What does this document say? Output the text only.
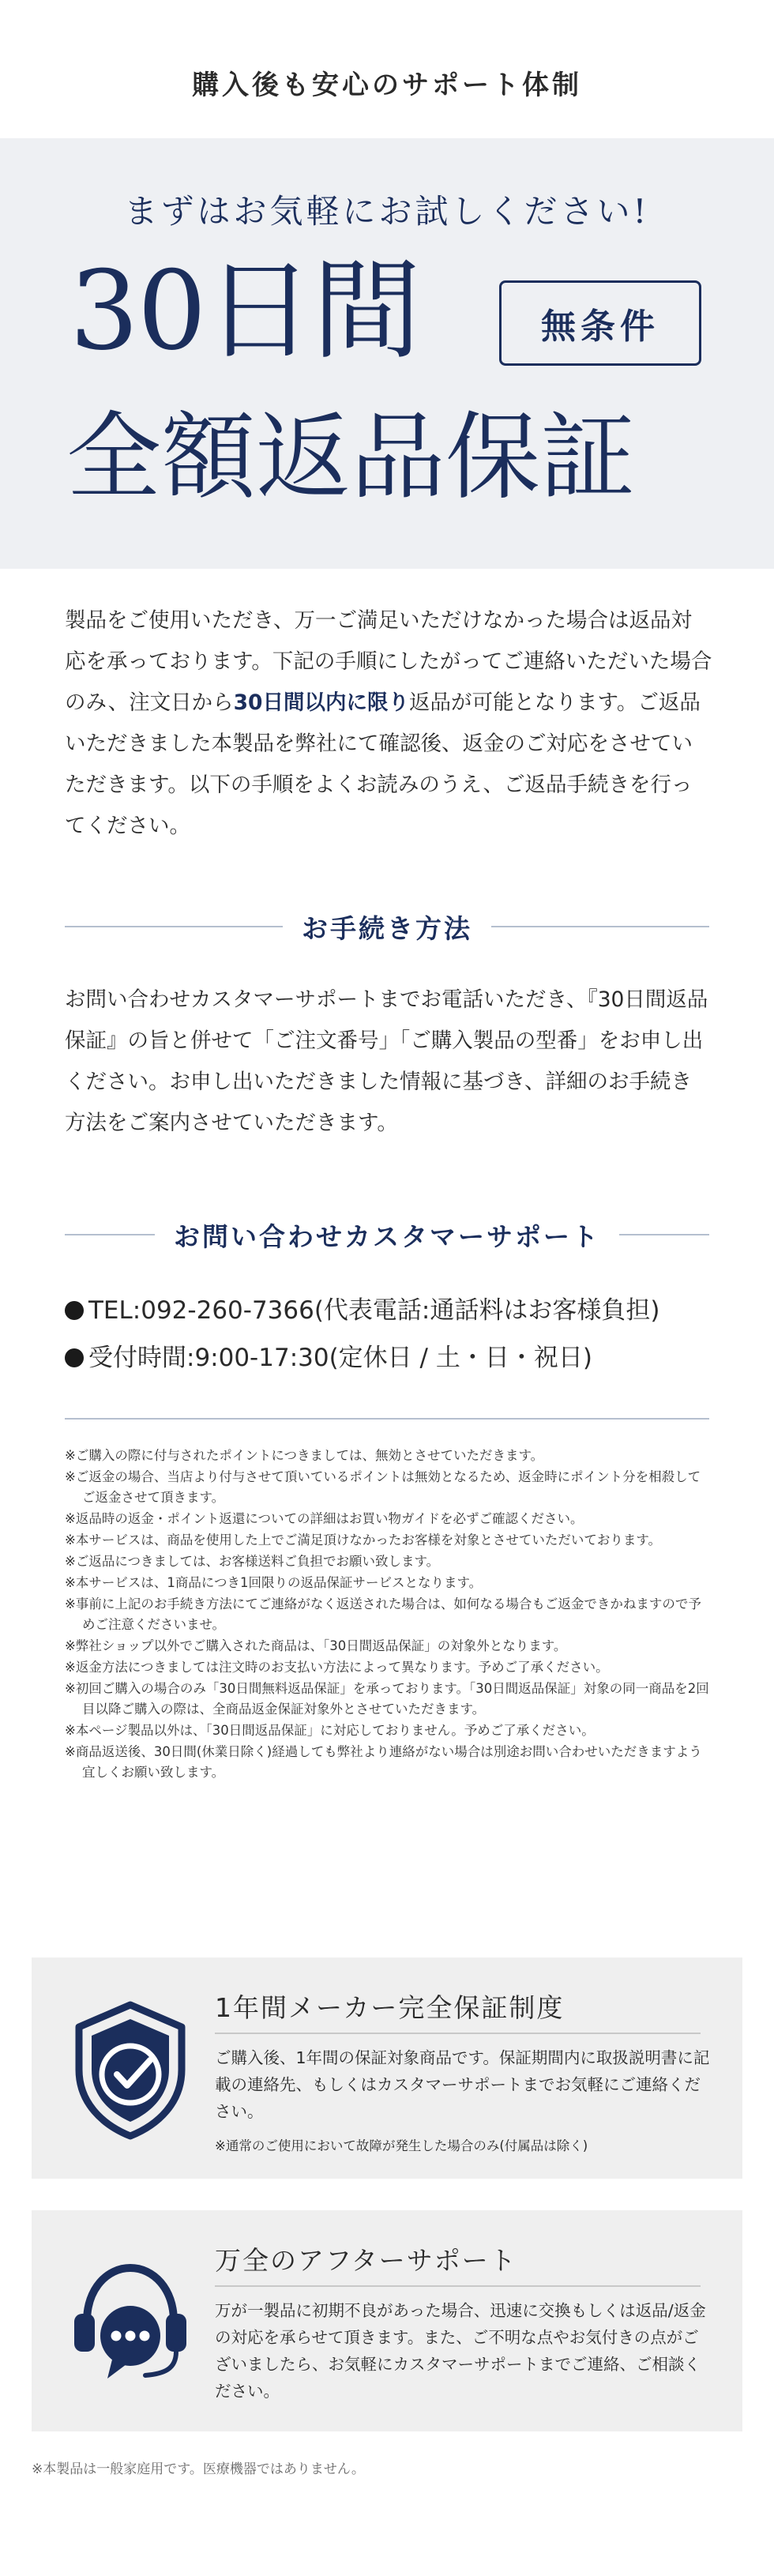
購入後も安心のサポート体制
まずはお気軽にお試しください!
30日間	無条件
全額返品保証
製品をご使用いただき、万一ご満足いただけなかった場合は返品対応を承っております。下記の手順にしたがってご連絡いただいた場合のみ、注文日から30日間以内に限り返品が可能となります。ご返品いただきました本製品を弊社にて確認後、返金のご対応をさせていただきます。以下の手順をよくお読みのうえ、ご返品手続きを行ってください。
お手続き方法
お問い合わせカスタマーサポートまでお電話いただき、『30日間返品保証』の旨と併せて「ご注文番号」「ご購入製品の型番」をお申し出ください。お申し出いただきました情報に基づき、詳細のお手続き方法をご案内させていただきます。
お問い合わせカスタマーサポート
TEL:092-260-7366(代表電話:通話料はお客様負担)
受付時間:9:00-17:30(定休日 / 土・日・祝日)
※ご購入の際に付与されたポイントにつきましては、無効とさせていただきます。
※ご返金の場合、当店より付与させて頂いているポイントは無効となるため、返金時にポイント分を相殺してご返金させて頂きます。
※返品時の返金・ポイント返還についての詳細はお買い物ガイドを必ずご確認ください。
※本サービスは、商品を使用した上でご満足頂けなかったお客様を対象とさせていただいております。
※ご返品につきましては、お客様送料ご負担でお願い致します。
※本サービスは、1商品につき1回限りの返品保証サービスとなります。
※事前に上記のお手続き方法にてご連絡がなく返送された場合は、如何なる場合もご返金できかねますので予めご注意くださいませ。
※弊社ショップ以外でご購入された商品は、「30日間返品保証」の対象外となります。
※返金方法につきましては注文時のお支払い方法によって異なります。予めご了承ください。
※初回ご購入の場合のみ「30日間無料返品保証」を承っております。「30日間返品保証」対象の同一商品を2回目以降ご購入の際は、全商品返金保証対象外とさせていただきます。
※本ページ製品以外は、「30日間返品保証」に対応しておりません。予めご了承ください。
※商品返送後、30日間(休業日除く)経過しても弊社より連絡がない場合は別途お問い合わせいただきますよう宜しくお願い致します。
1年間メーカー完全保証制度
ご購入後、1年間の保証対象商品です。保証期間内に取扱説明書に記載の連絡先、もしくはカスタマーサポートまでお気軽にご連絡ください。
※通常のご使用において故障が発生した場合のみ(付属品は除く)
万全のアフターサポート
万が一製品に初期不良があった場合、迅速に交換もしくは返品/返金の対応を承らせて頂きます。また、ご不明な点やお気付きの点がございましたら、お気軽にカスタマーサポートまでご連絡、ご相談ください。
※本製品は一般家庭用です。医療機器ではありません。
